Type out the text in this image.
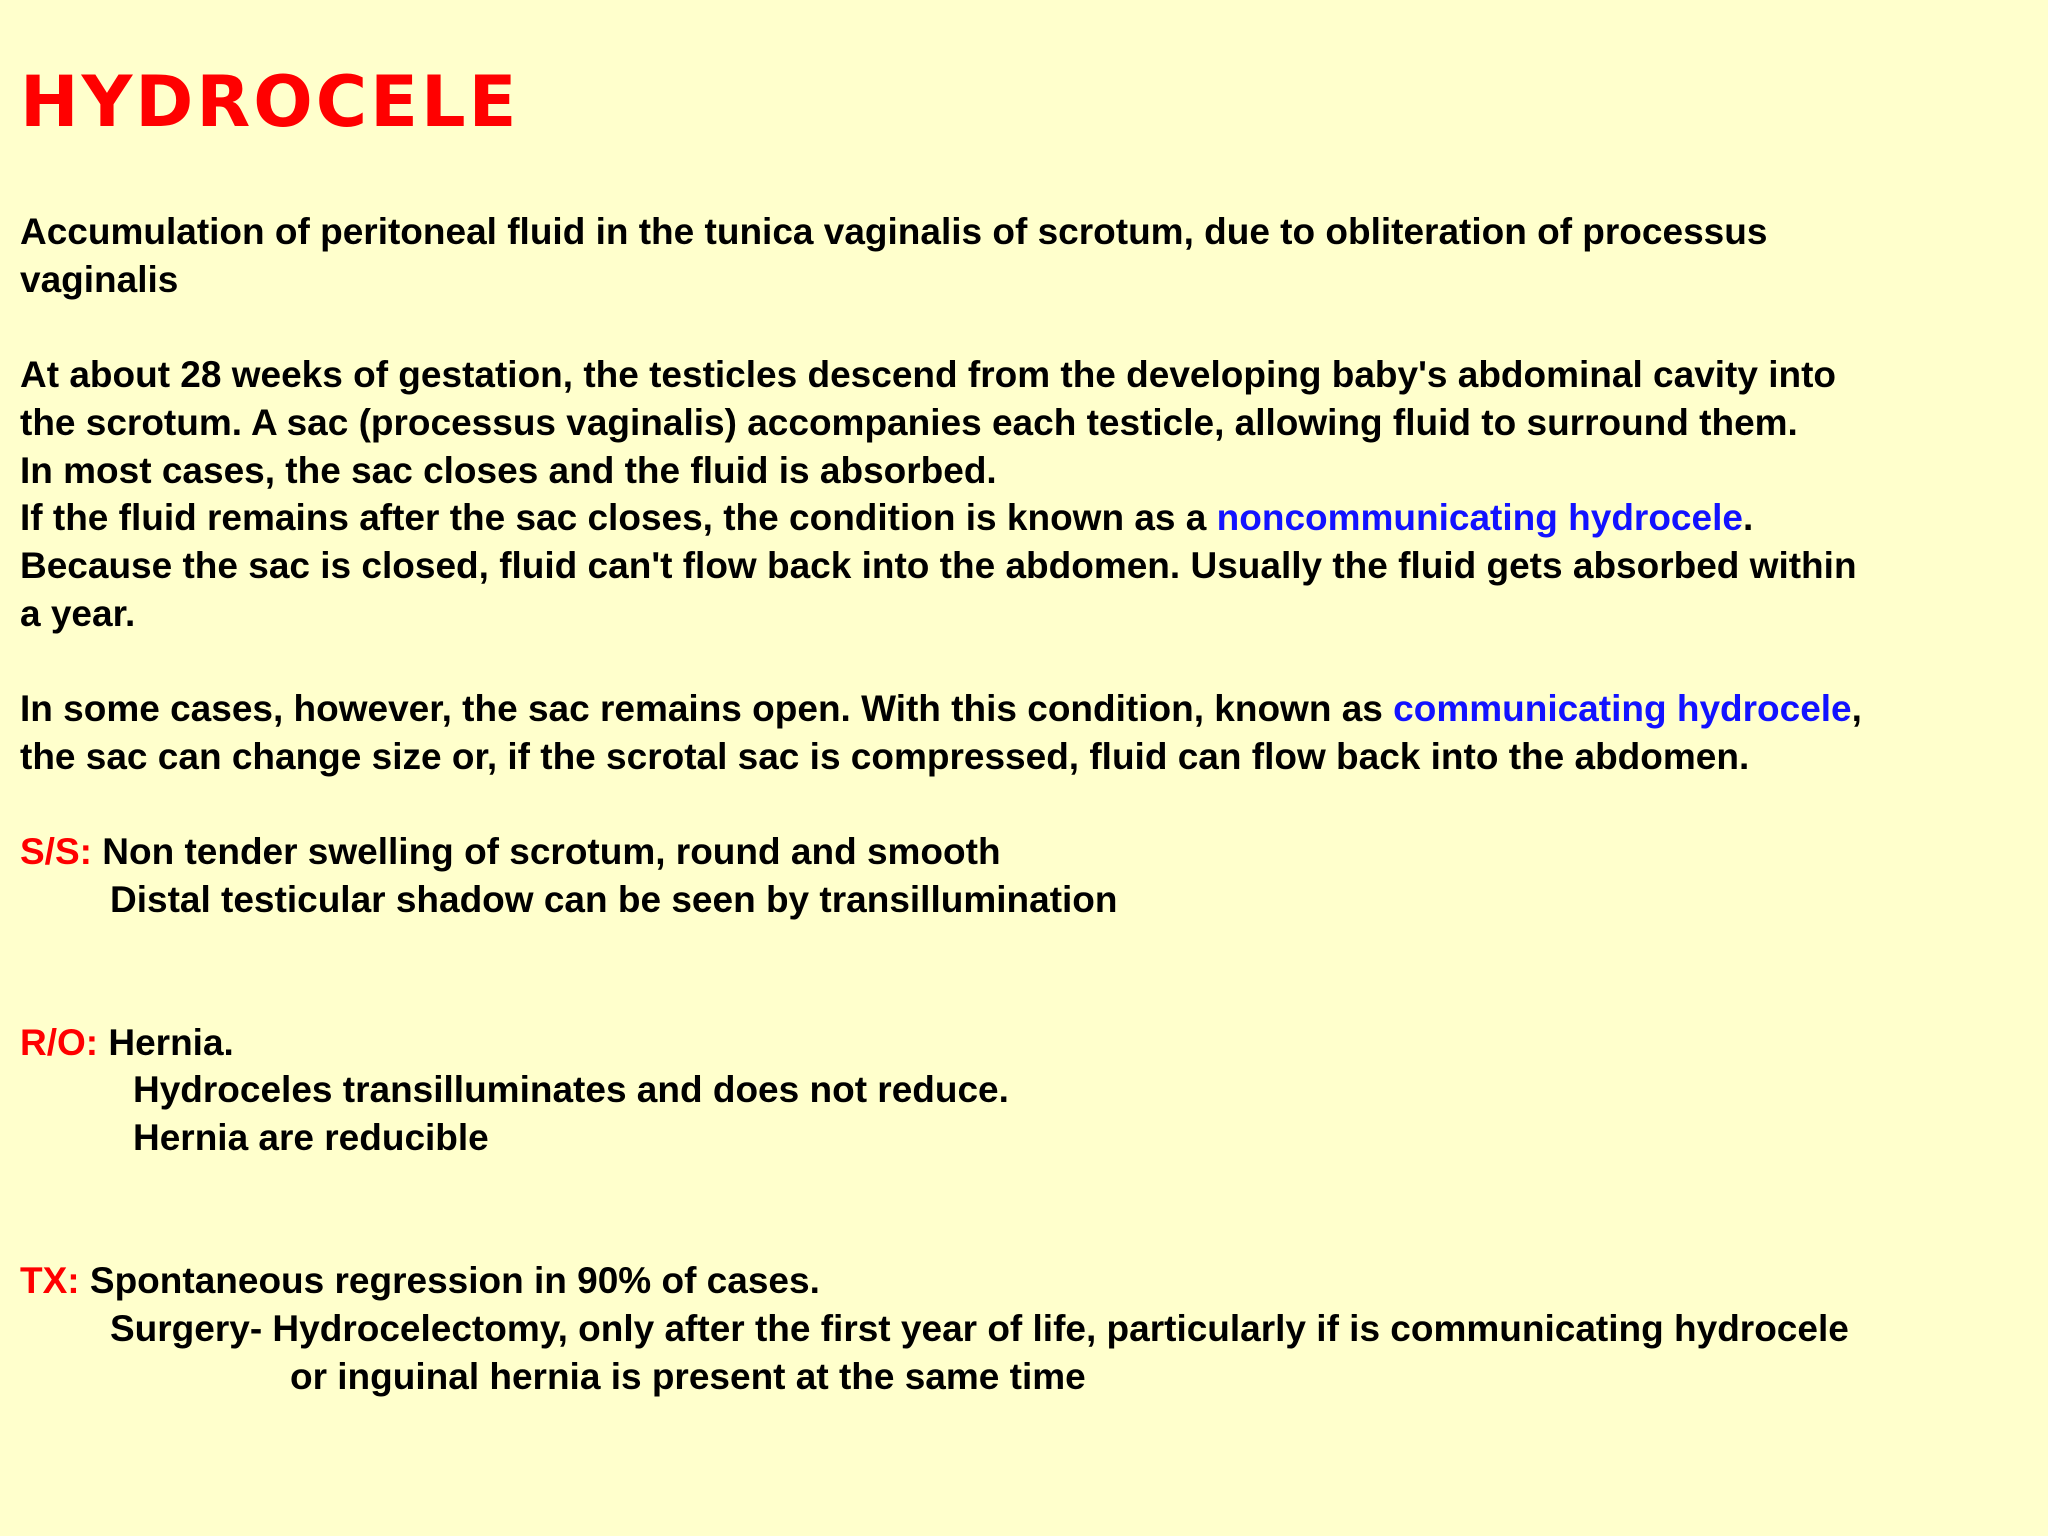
HYDROCELE

Accumulation of peritoneal fluid in the tunica vaginalis of scrotum, due to obliteration of processus

vaginalis

At about 28 weeks of gestation, the testicles descend from the developing baby's abdominal cavity into

the scrotum. A sac (processus vaginalis) accompanies each testicle, allowing fluid to surround them.

In most cases, the sac closes and the fluid is absorbed.

If the fluid remains after the sac closes, the condition is known as a noncommunicating hydrocele.

Because the sac is closed, fluid can't flow back into the abdomen. Usually the fluid gets absorbed within

a year.

In some cases, however, the sac remains open. With this condition, known as communicating hydrocele,

the sac can change size or, if the scrotal sac is compressed, fluid can flow back into the abdomen.

S/S: Non tender swelling of scrotum, round and smooth

Distal testicular shadow can be seen by transillumination

R/O: Hernia.

Hydroceles transilluminates and does not reduce.

Hernia are reducible

TX: Spontaneous regression in 90% of cases.

Surgery- Hydrocelectomy, only after the first year of life, particularly if is communicating hydrocele

or inguinal hernia is present at the same time
